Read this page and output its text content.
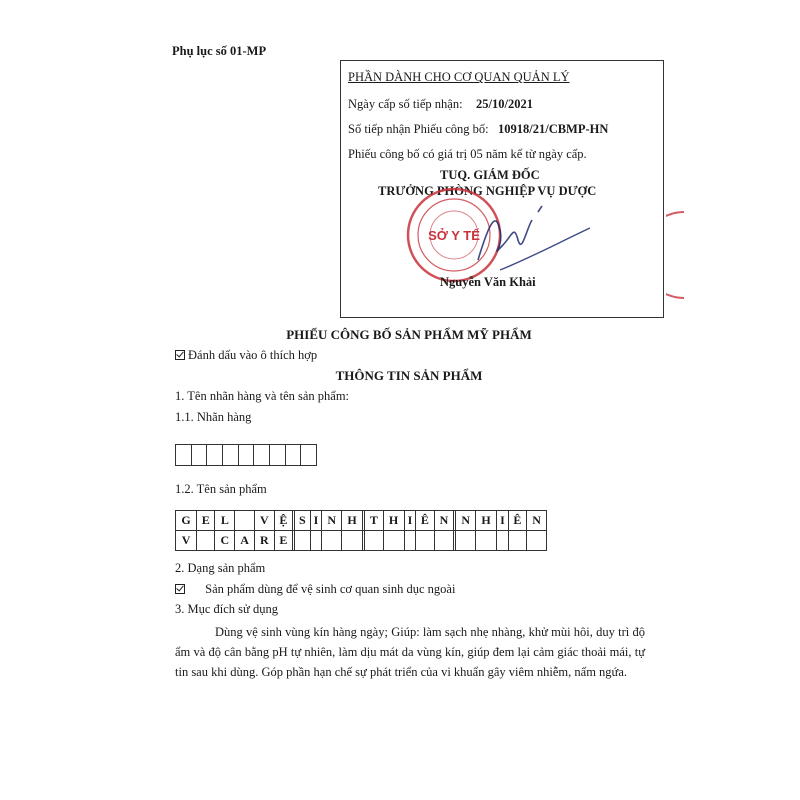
Phụ lục số 01-MP
PHẦN DÀNH CHO CƠ QUAN QUẢN LÝ
Ngày cấp số tiếp nhận: 25/10/2021
Số tiếp nhận Phiếu công bố: 10918/21/CBMP-HN
Phiếu công bố có giá trị 05 năm kể từ ngày cấp.
TUQ. GIÁM ĐỐC
TRƯỞNG PHÒNG NGHIỆP VỤ DƯỢC
SỞ Y TẾ
Nguyễn Văn Khải
PHIẾU CÔNG BỐ SẢN PHẨM MỸ PHẨM
Đánh dấu vào ô thích hợp
THÔNG TIN SẢN PHẨM
1. Tên nhãn hàng và tên sản phẩm:
1.1. Nhãn hàng

1.2. Tên sản phẩm
G	E	L		V	Ệ		S	I	N	H		T	H	I	Ê	N		N	H	I	Ê	N
V		C	A	R	E																	
2. Dạng sản phẩm
Sản phẩm dùng để vệ sinh cơ quan sinh dục ngoài
3. Mục đích sử dụng
Dùng vệ sinh vùng kín hàng ngày; Giúp: làm sạch nhẹ nhàng, khử mùi hôi, duy trì độ ẩm và độ cân bằng pH tự nhiên, làm dịu mát da vùng kín, giúp đem lại cảm giác thoải mái, tự tin sau khi dùng. Góp phần hạn chế sự phát triển của vi khuẩn gây viêm nhiễm, nấm ngứa.
